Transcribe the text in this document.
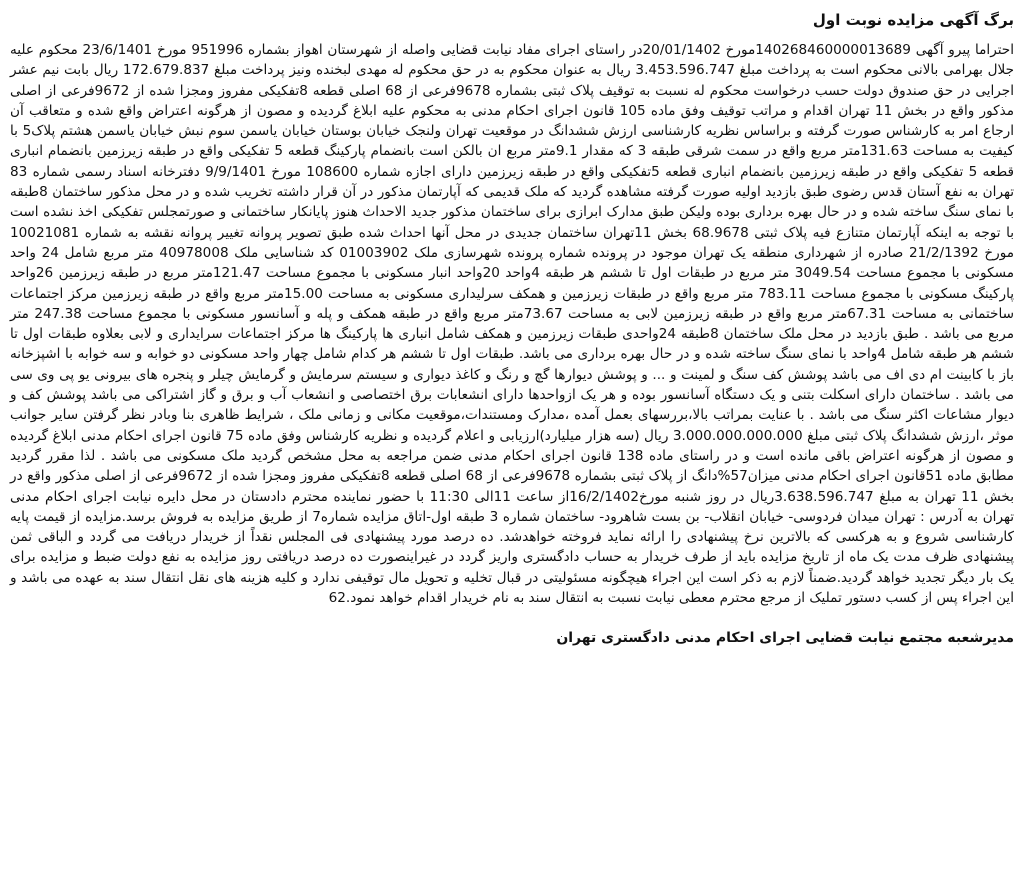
برگ آگهی مزایده نوبت اول

احتراما پیرو آگهی 140268460000013689مورخ 20/01/1402در راستای اجرای مفاد نیابت قضایی واصله از شهرستان اهواز بشماره 951996 مورخ 23/6/1401 محکوم علیه جلال بهرامی بالانی محکوم است به پرداخت مبلغ 3.453.596.747 ریال به عنوان محکوم به در حق محکوم له مهدی لبخنده ونیز پرداخت مبلغ 172.679.837 ریال بابت نیم عشر اجرایی در حق صندوق دولت حسب درخواست محکوم له نسبت به توقیف پلاک ثبتی بشماره 9678فرعی از 68 اصلی قطعه 8تفکیکی مفروز ومجزا شده از 9672فرعی از اصلی مذکور واقع در بخش 11 تهران اقدام و مراتب توقیف وفق ماده 105 قانون اجرای احکام مدنی به محکوم علیه ابلاغ گردیده و مصون از هرگونه اعتراض واقع شده و متعاقب آن ارجاع امر به کارشناس صورت گرفته و براساس نظریه کارشناسی ارزش ششدانگ در موقعیت تهران ولنجک خیابان بوستان خیابان یاسمن سوم نبش خیابان یاسمن هشتم پلاک5 با کیفیت به مساحت 131.63متر مربع واقع در سمت شرقی طبقه 3 که مقدار 9.1متر مربع ان بالکن است بانضمام پارکینگ قطعه 5 تفکیکی واقع در طبقه زیرزمین بانضمام انباری قطعه 5 تفکیکی واقع در طبقه زیرزمین بانضمام انباری قطعه 5تفکیکی واقع در طبقه زیرزمین دارای اجازه شماره 108600 مورخ 9/9/1401 دفترخانه اسناد رسمی شماره 83 تهران به نفع آستان قدس رضوی طبق بازدید اولیه صورت گرفته مشاهده گردید که ملک قدیمی که آپارتمان مذکور در آن قرار داشته تخریب شده و در محل مذکور ساختمان 8طبقه با نمای سنگ ساخته شده و در حال بهره برداری بوده ولیکن طبق مدارک ابرازی برای ساختمان مذکور جدید الاحداث هنوز پایانکار ساختمانی و صورتمجلس تفکیکی اخذ نشده است با توجه به اینکه آپارتمان متنازع فیه پلاک ثبتی 68.9678 بخش 11تهران ساختمان جدیدی در محل آنها احداث شده طبق تصویر پروانه تغییر پروانه نقشه به شماره 10021081 مورخ 21/2/1392 صادره از شهرداری منطقه یک تهران موجود در پرونده شماره پرونده شهرسازی ملک 01003902 کد شناسایی ملک 40978008 متر مربع شامل 24 واحد مسکونی با مجموع مساحت 3049.54 متر مربع در طبقات اول تا ششم هر طبقه 4واحد 20واحد انبار مسکونی با مجموع مساحت 121.47متر مربع در طبقه زیرزمین 26واحد پارکینگ مسکونی با مجموع مساحت 783.11 متر مربع واقع در طبقات زیرزمین و همکف سرلیداری مسکونی به مساحت 15.00متر مربع واقع در طبقه زیرزمین مرکز اجتماعات ساختمانی به مساحت 67.31متر مربع واقع در طبقه زیرزمین لابی به مساحت 73.67متر مربع واقع در طبقه همکف و پله و آسانسور مسکونی با مجموع مساحت 247.38 متر مربع می باشد . طبق بازدید در محل ملک ساختمان 8طبقه 24واحدی طبقات زیرزمین و همکف شامل انباری ها پارکینگ ها مرکز اجتماعات سرایداری و لابی بعلاوه طبقات اول تا ششم هر طبقه شامل 4واحد با نمای سنگ ساخته شده و در حال بهره برداری می باشد. طبقات اول تا ششم هر کدام شامل چهار واحد مسکونی دو خوابه و سه خوابه با اشپزخانه باز با کابینت ام دی اف می باشد پوشش کف سنگ و لمینت و ... و پوشش دیوارها گچ و رنگ و کاغذ دیواری و سیستم سرمایش و گرمایش چیلر و پنجره های بیرونی یو پی وی سی می باشد . ساختمان دارای اسکلت بتنی و یک دستگاه آسانسور بوده و هر یک ازواحدها دارای انشعابات برق اختصاصی و انشعاب آب و برق و گاز اشتراکی می باشد پوشش کف و دیوار مشاعات اکثر سنگ می باشد . با عنایت بمراتب بالا،بررسهای بعمل آمده ،مدارک ومستندات،موقعیت مکانی و زمانی ملک ، شرایط ظاهری بنا وبادر نظر گرفتن سایر جوانب موثر ،ارزش ششدانگ پلاک ثبتی مبلغ 3.000.000.000.000 ریال (سه هزار میلیارد)ارزیابی و اعلام گردیده و نظریه کارشناس وفق ماده 75 قانون اجرای احکام مدنی ابلاغ گردیده و مصون از هرگونه اعتراض باقی مانده است و در راستای ماده 138 قانون اجرای احکام مدنی ضمن مراجعه به محل مشخص گردید ملک مسکونی می باشد . لذا مقرر گردید مطابق ماده 51قانون اجرای احکام مدنی میزان57%دانگ از پلاک ثبتی بشماره 9678فرعی از 68 اصلی قطعه 8تفکیکی مفروز ومجزا شده از 9672فرعی از اصلی مذکور واقع در بخش 11 تهران به مبلغ 3.638.596.747ریال در روز شنبه مورخ16/2/1402از ساعت 11الی 11:30 با حضور نماینده محترم دادستان در محل دایره نیابت اجرای احکام مدنی تهران به آدرس : تهران میدان فردوسی- خیابان انقلاب- بن بست شاهرود- ساختمان شماره 3 طبقه اول-اتاق مزایده شماره7 از طریق مزایده به فروش برسد.مزایده از قیمت پایه کارشناسی شروع و به هرکسی که بالاترین نرخ پیشنهادی را ارائه نماید فروخته خواهدشد. ده درصد مورد پیشنهادی فی المجلس نقداً از خریدار دریافت می گردد و الباقی ثمن پیشنهادی ظرف مدت یک ماه از تاریخ مزایده باید از طرف خریدار به حساب دادگستری واریز گردد در غیراینصورت ده درصد دریافتی روز مزایده به نفع دولت ضبط و مزایده برای یک بار دیگر تجدید خواهد گردید.ضمناً لازم به ذکر است این اجراء هیچگونه مسئولیتی در قبال تخلیه و تحویل مال توقیفی ندارد و کلیه هزینه های نقل انتقال سند به عهده می باشد و این اجراء پس از کسب دستور تملیک از مرجع محترم معطی نیابت نسبت به انتقال سند به نام خریدار اقدام خواهد نمود.62

مدیرشعبه مجتمع نیابت قضایی اجرای احکام مدنی دادگستری تهران
